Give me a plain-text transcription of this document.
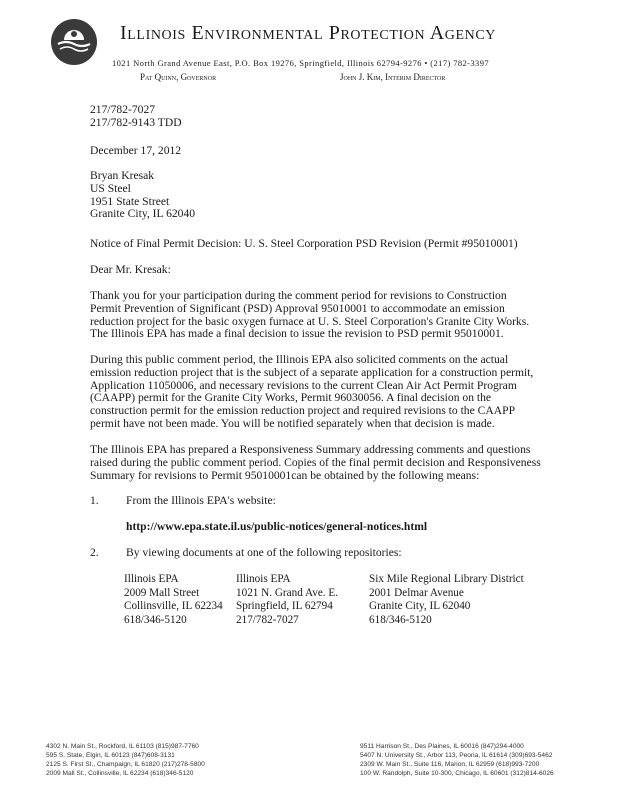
Illinois Environmental Protection Agency
1021 North Grand Avenue East, P.O. Box 19276, Springfield, Illinois 62794-9276 • (217) 782-3397
Pat Quinn, Governor	John J. Kim, Interim Director
217/782-7027
217/782-9143 TDD
December 17, 2012
Bryan Kresak
US Steel
1951 State Street
Granite City, IL 62040
Notice of Final Permit Decision: U. S. Steel Corporation PSD Revision (Permit #95010001)
Dear Mr. Kresak:
Thank you for your participation during the comment period for revisions to Construction
Permit Prevention of Significant (PSD) Approval 95010001 to accommodate an emission
reduction project for the basic oxygen furnace at U. S. Steel Corporation's Granite City Works.
The Illinois EPA has made a final decision to issue the revision to PSD permit 95010001.
During this public comment period, the Illinois EPA also solicited comments on the actual
emission reduction project that is the subject of a separate application for a construction permit,
Application 11050006, and necessary revisions to the current Clean Air Act Permit Program
(CAAPP) permit for the Granite City Works, Permit 96030056. A final decision on the
construction permit for the emission reduction project and required revisions to the CAAPP
permit have not been made. You will be notified separately when that decision is made.
The Illinois EPA has prepared a Responsiveness Summary addressing comments and questions
raised during the public comment period. Copies of the final permit decision and Responsiveness
Summary for revisions to Permit 95010001can be obtained by the following means:
1. From the Illinois EPA's website:
http://www.epa.state.il.us/public-notices/general-notices.html
2. By viewing documents at one of the following repositories:
Illinois EPA
2009 Mall Street
Collinsville, IL 62234
618/346-5120
Illinois EPA
1021 N. Grand Ave. E.
Springfield, IL 62794
217/782-7027
Six Mile Regional Library District
2001 Delmar Avenue
Granite City, IL 62040
618/346-5120
4302 N. Main St., Rockford, IL 61103 (815)987-7760
595 S. State, Elgin, IL 60123 (847)608-3131
2125 S. First St., Champaign, IL 61820 (217)278-5800
2009 Mall St., Collinsville, IL 62234 (618)346-5120
9511 Harrison St., Des Plaines, IL 60016 (847)294-4000
5407 N. University St., Arbor 113, Peoria, IL 61614 (309)693-5462
2309 W. Main St., Suite 116, Marion, IL 62959 (618)993-7200
100 W. Randolph, Suite 10-300, Chicago, IL 60601 (312)814-6026
